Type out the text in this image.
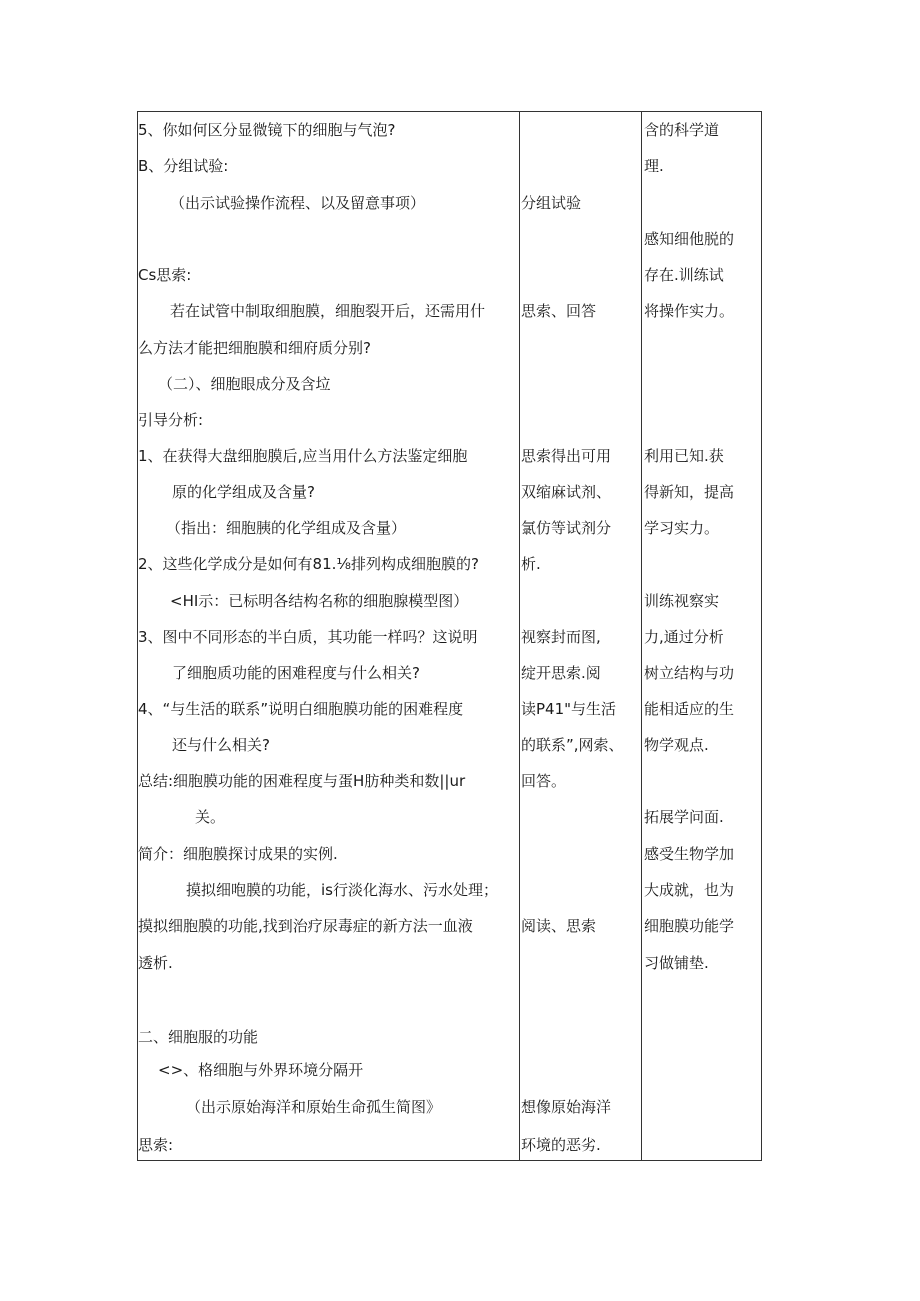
5、你如何区分显微镜下的细胞与气泡?
B、分组试验:
（出示试验操作流程、以及留意事项）
Cs思索:
若在试管中制取细胞膜，细胞裂开后，还需用什
么方法才能把细胞膜和细府质分别?
（二）、细胞眼成分及含垃
引导分析:
1、在获得大盘细胞膜后,应当用什么方法鉴定细胞
原的化学组成及含量?
（指出：细胞胰的化学组成及含量）
2、这些化学成分是如何有81.⅛排列构成细胞膜的?
<HI示：已标明各结构名称的细胞腺模型图）
3、图中不同形态的半白质，其功能一样吗？这说明
了细胞质功能的困难程度与什么相关?
4、“与生活的联系”说明白细胞膜功能的困难程度
还与什么相关?
总结:细胞膜功能的困难程度与蛋H肪种类和数||ur
关。
简介：细胞膜探讨成果的实例.
摸拟细咆膜的功能，is行淡化海水、污水处理；
摸拟细胞膜的功能,找到治疗尿毒症的新方法一血液
透析.
二、细胞服的功能
<>、格细胞与外界环境分隔开
（出示原始海洋和原始生命孤生简图》
思索:
分组试验
思索、回答
思索得出可用
双缩麻试剂、
氯仿等试剂分
析.
视察封而图,
绽开思索.阅
读P41"与生活
的联系”,网索、
回答。
阅读、思索
想像原始海洋
环境的恶劣.
含的科学道
理.
感知细他脱的
存在.训练试
将操作实力。
利用已知.获
得新知，提高
学习实力。
训练视察实
力,通过分析
树立结构与功
能相适应的生
物学观点.
拓展学问面.
感受生物学加
大成就，也为
细胞膜功能学
习做铺垫.
